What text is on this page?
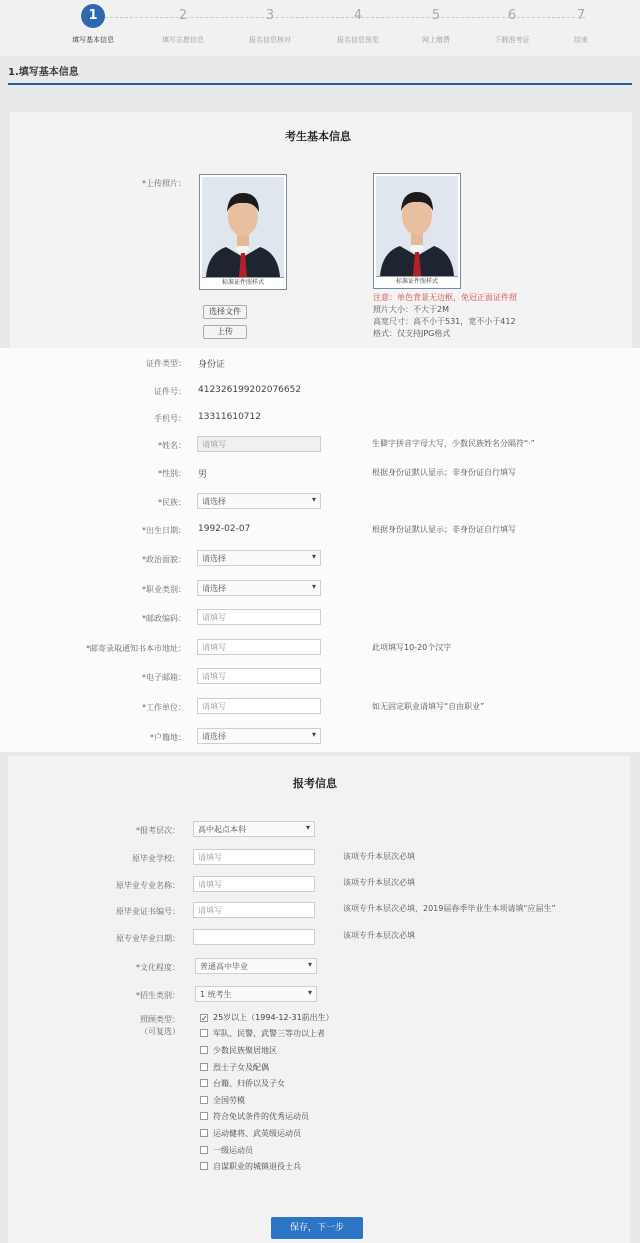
1
填写基本信息
2
填写志愿信息
3
报名信息核对
4
报名信息预览
5
网上缴费
6
下载准考证
7
结束
1.填写基本信息
考生基本信息
*上传照片：
标准证件照样式	标准证件照样式
选择文件
上传
注意：单色背景无边框，免冠正面证件照
照片大小：不大于2M
高宽尺寸：高不小于531，宽不小于412
格式：仅支持JPG格式
证件类型： 身份证
证件号： 412326199202076652
手机号： 13311610712
*姓名：	请填写	生僻字拼音字母大写，少数民族姓名分隔符“·”
*性别： 男	根据身份证默认显示；非身份证自行填写
*民族：	请选择 ▾
*出生日期： 1992-02-07	根据身份证默认显示；非身份证自行填写
*政治面貌：	请选择 ▾
*职业类别：	请选择 ▾
*邮政编码：	请填写
*邮寄录取通知书本市地址：	请填写	此项填写10-20个汉字
*电子邮箱：	请填写
*工作单位：	请填写	如无固定职业请填写“自由职业”
*户籍地：	请选择 ▾
报考信息
*报考层次：	高中起点本科 ▾
原毕业学校：	请填写	该项专升本层次必填
原毕业专业名称：	请填写	该项专升本层次必填
原毕业证书编号：	请填写	该项专升本层次必填，2019届春季毕业生本项请填“应届生”
原专业毕业日期：	该项专升本层次必填
*文化程度：	普通高中毕业 ▾
*招生类别：	1 统考生 ▾
照顾类型：
（可复选）
✓25岁以上（1994-12-31前出生）
军队、民警、武警三等功以上者
少数民族聚居地区
烈士子女及配偶
台籍、归侨以及子女
全国劳模
符合免试条件的优秀运动员
运动健将、武英级运动员
一级运动员
自谋职业的城镇退役士兵
保存，下一步
